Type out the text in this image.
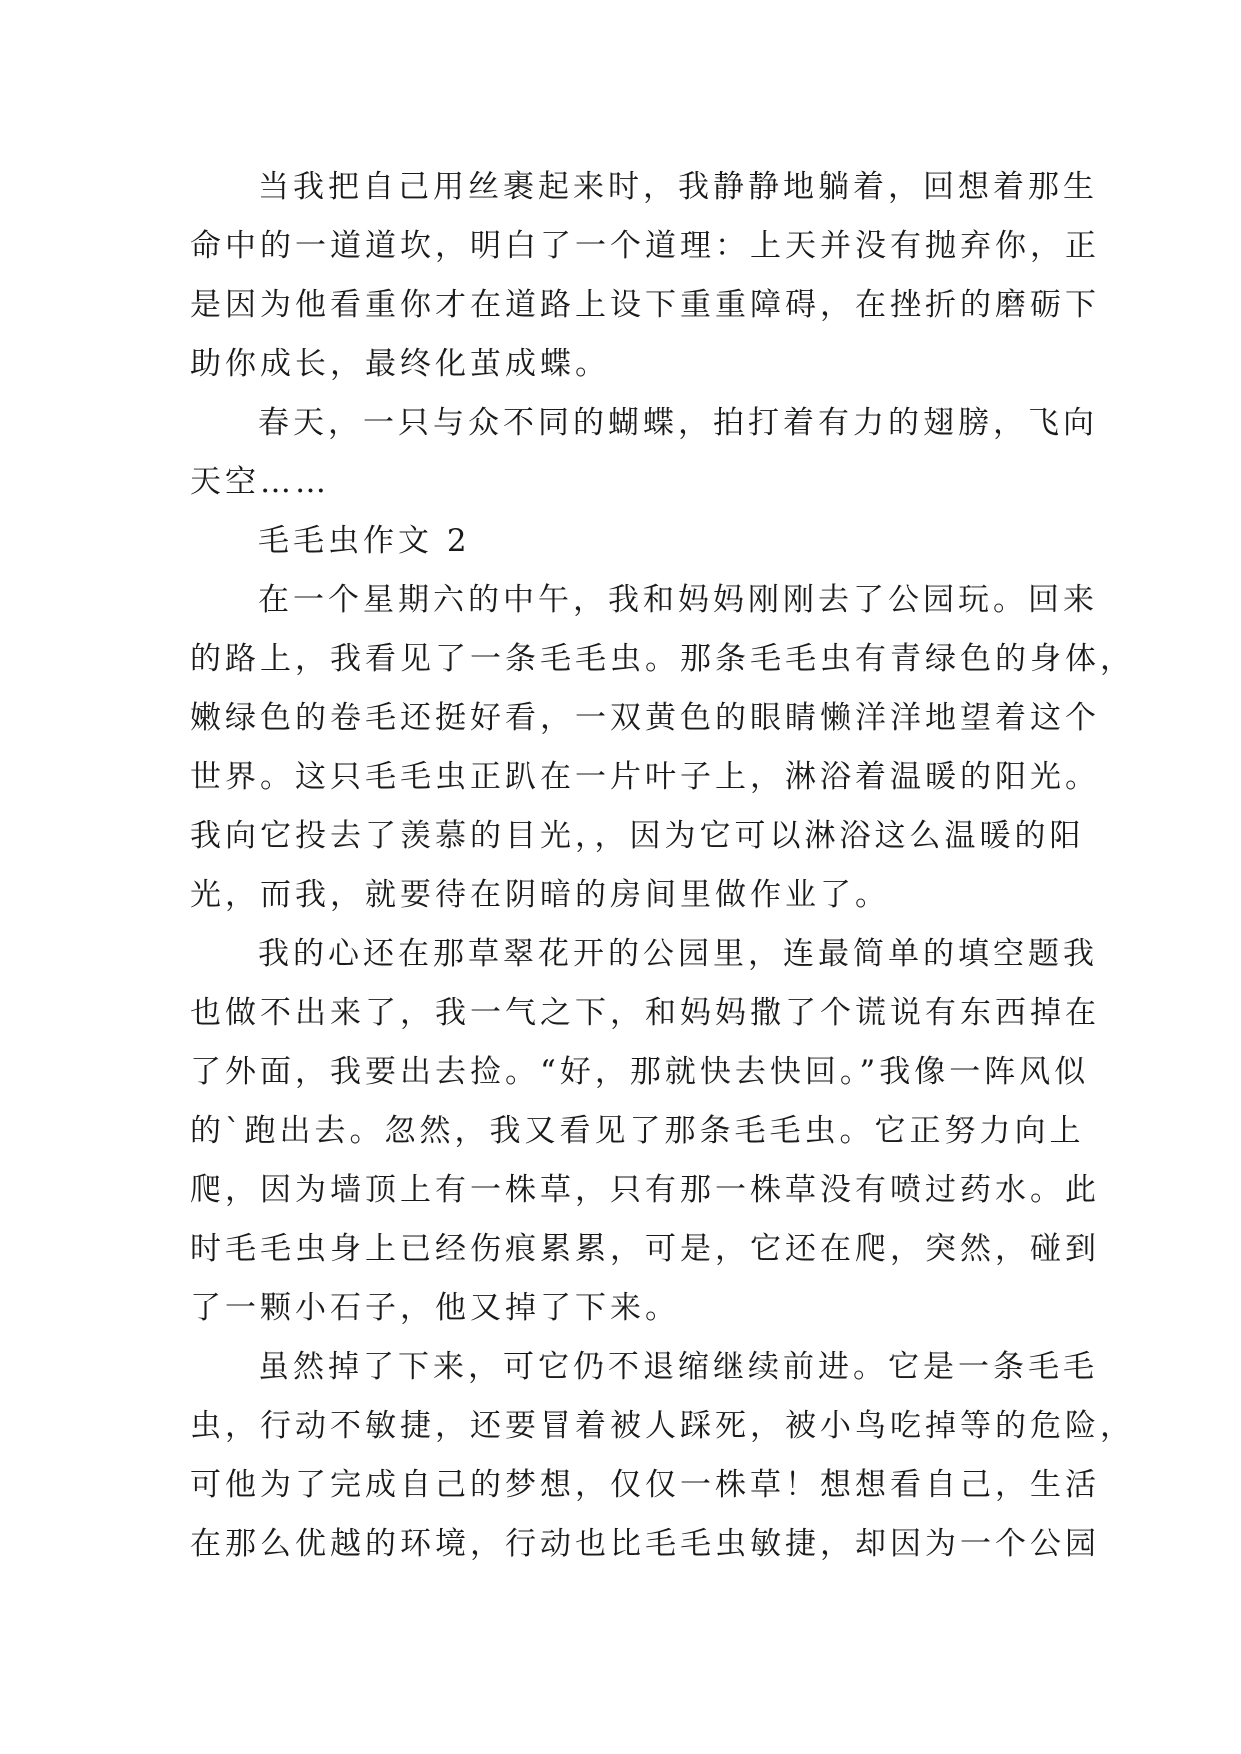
当我把自己用丝裹起来时，我静静地躺着，回想着那生
命中的一道道坎，明白了一个道理：上天并没有抛弃你，正
是因为他看重你才在道路上设下重重障碍，在挫折的磨砺下
助你成长，最终化茧成蝶。
春天，一只与众不同的蝴蝶，拍打着有力的翅膀，飞向
天空……
毛毛虫作文 2
在一个星期六的中午，我和妈妈刚刚去了公园玩。回来
的路上，我看见了一条毛毛虫。那条毛毛虫有青绿色的身体，
嫩绿色的卷毛还挺好看，一双黄色的眼睛懒洋洋地望着这个
世界。这只毛毛虫正趴在一片叶子上，淋浴着温暖的阳光。
我向它投去了羡慕的目光，，因为它可以淋浴这么温暖的阳
光，而我，就要待在阴暗的房间里做作业了。
我的心还在那草翠花开的公园里，连最简单的填空题我
也做不出来了，我一气之下，和妈妈撒了个谎说有东西掉在
了外面，我要出去捡。“好，那就快去快回。”我像一阵风似
的`跑出去。忽然，我又看见了那条毛毛虫。它正努力向上
爬，因为墙顶上有一株草，只有那一株草没有喷过药水。此
时毛毛虫身上已经伤痕累累，可是，它还在爬，突然，碰到
了一颗小石子，他又掉了下来。
虽然掉了下来，可它仍不退缩继续前进。它是一条毛毛
虫，行动不敏捷，还要冒着被人踩死，被小鸟吃掉等的危险，
可他为了完成自己的梦想，仅仅一株草！想想看自己，生活
在那么优越的环境，行动也比毛毛虫敏捷，却因为一个公园
